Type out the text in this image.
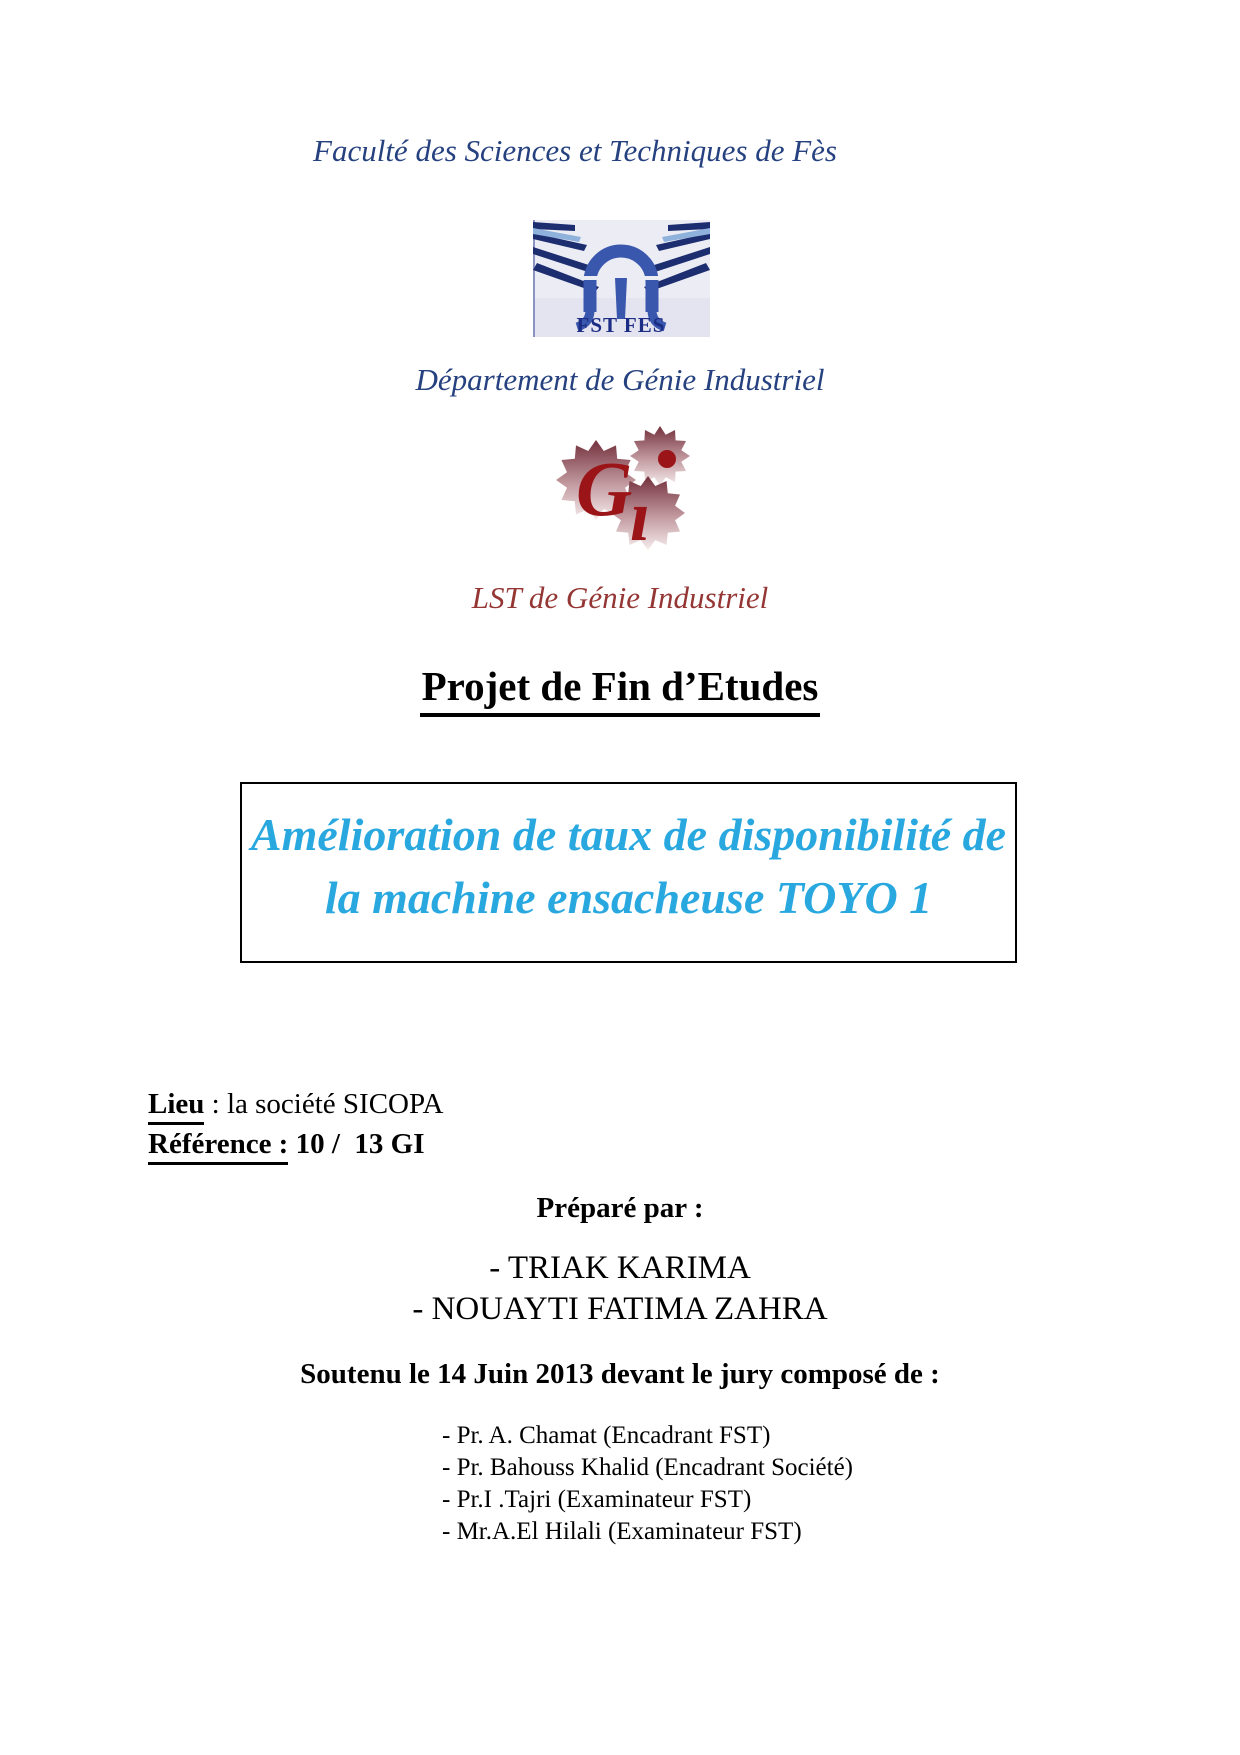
Faculté des Sciences et Techniques de Fès
FST FES
Département de Génie Industriel
G
ı
LST de Génie Industriel
Projet de Fin d’Etudes
Amélioration de taux de disponibilité de
la machine ensacheuse TOYO 1
Lieu : la société SICOPA
Référence : 10 /  13 GI
Préparé par :
- TRIAK KARIMA
- NOUAYTI FATIMA ZAHRA
Soutenu le 14 Juin 2013 devant le jury composé de :
- Pr. A. Chamat (Encadrant FST)
- Pr. Bahouss Khalid (Encadrant Société)
- Pr.I .Tajri (Examinateur FST)
- Mr.A.El Hilali (Examinateur FST)
